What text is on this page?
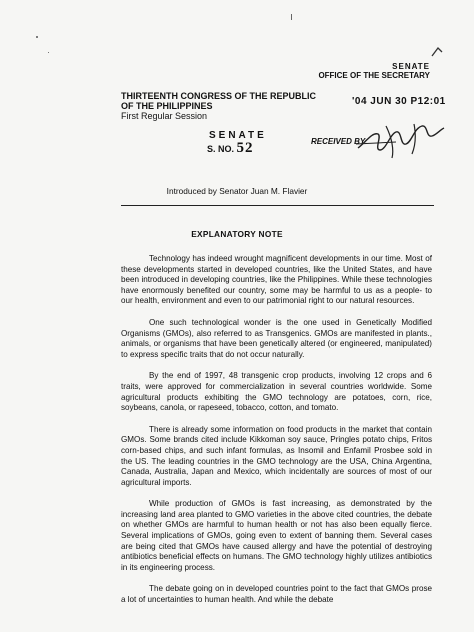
SENATE
OFFICE OF THE SECRETARY
THIRTEENTH CONGRESS OF THE REPUBLIC
OF THE PHILIPPINES
First Regular Session
'04 JUN 30 P12:01
SENATE
S. NO. 52	RECEIVED BY:
Introduced by Senator Juan M. Flavier
EXPLANATORY NOTE

Technology has indeed wrought magnificent developments in our time. Most of these developments started in developed countries, like the United States, and have been introduced in developing countries, like the Philippines. While these technologies have enormously benefited our country, some may be harmful to us as a people- to our health, environment and even to our patrimonial right to our natural resources.

One such technological wonder is the one used in Genetically Modified Organisms (GMOs), also referred to as Transgenics. GMOs are manifested in plants., animals, or organisms that have been genetically altered (or engineered, manipulated) to express specific traits that do not occur naturally.

By the end of 1997, 48 transgenic crop products, involving 12 crops and 6 traits, were approved for commercialization in several countries worldwide. Some agricultural products exhibiting the GMO technology are potatoes, corn, rice, soybeans, canola, or rapeseed, tobacco, cotton, and tomato.

There is already some information on food products in the market that contain GMOs. Some brands cited include Kikkoman soy sauce, Pringles potato chips, Fritos corn-based chips, and such infant formulas, as Insomil and Enfamil Prosbee sold in the US. The leading countries in the GMO technology are the USA, China Argentina, Canada, Australia, Japan and Mexico, which incidentally are sources of most of our agricultural imports.

While production of GMOs is fast increasing, as demonstrated by the increasing land area planted to GMO varieties in the above cited countries, the debate on whether GMOs are harmful to human health or not has also been equally fierce. Several implications of GMOs, going even to extent of banning them. Several cases are being cited that GMOs have caused allergy and have the potential of destroying antibiotics beneficial effects on humans. The GMO technology highly utilizes antibiotics in its engineering process.

The debate going on in developed countries point to the fact that GMOs prose a lot of uncertainties to human health. And while the debate
